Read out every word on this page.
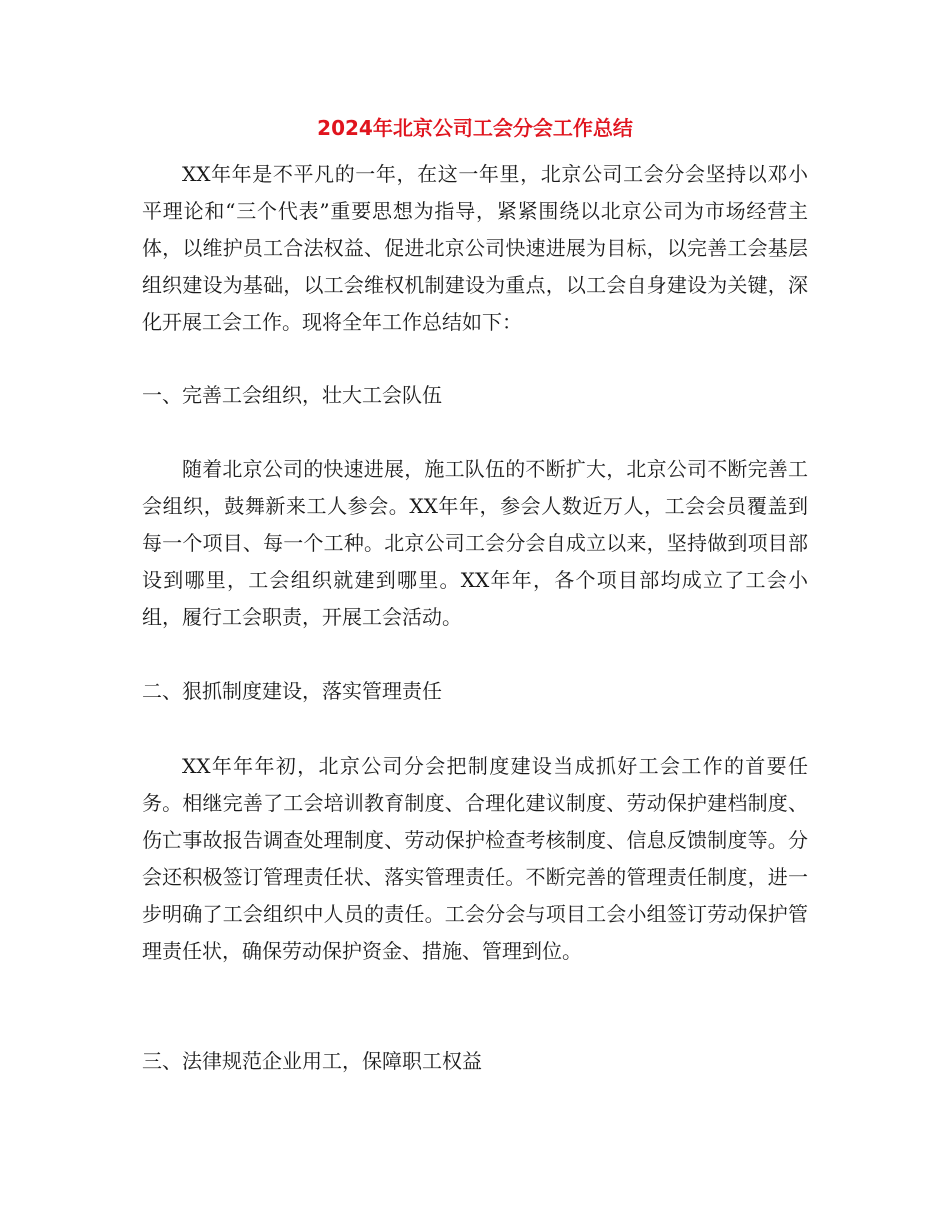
2024年北京公司工会分会工作总结

XX年年是不平凡的一年，在这一年里，北京公司工会分会坚持以邓小平理论和“三个代表”重要思想为指导，紧紧围绕以北京公司为市场经营主体，以维护员工合法权益、促进北京公司快速进展为目标，以完善工会基层组织建设为基础，以工会维权机制建设为重点，以工会自身建设为关键，深化开展工会工作。现将全年工作总结如下：

一、完善工会组织，壮大工会队伍

随着北京公司的快速进展，施工队伍的不断扩大，北京公司不断完善工会组织，鼓舞新来工人参会。XX年年，参会人数近万人，工会会员覆盖到每一个项目、每一个工种。北京公司工会分会自成立以来，坚持做到项目部设到哪里，工会组织就建到哪里。XX年年，各个项目部均成立了工会小组，履行工会职责，开展工会活动。

二、狠抓制度建设，落实管理责任

XX年年年初，北京公司分会把制度建设当成抓好工会工作的首要任务。相继完善了工会培训教育制度、合理化建议制度、劳动保护建档制度、伤亡事故报告调查处理制度、劳动保护检查考核制度、信息反馈制度等。分会还积极签订管理责任状、落实管理责任。不断完善的管理责任制度，进一步明确了工会组织中人员的责任。工会分会与项目工会小组签订劳动保护管理责任状，确保劳动保护资金、措施、管理到位。

三、法律规范企业用工，保障职工权益
